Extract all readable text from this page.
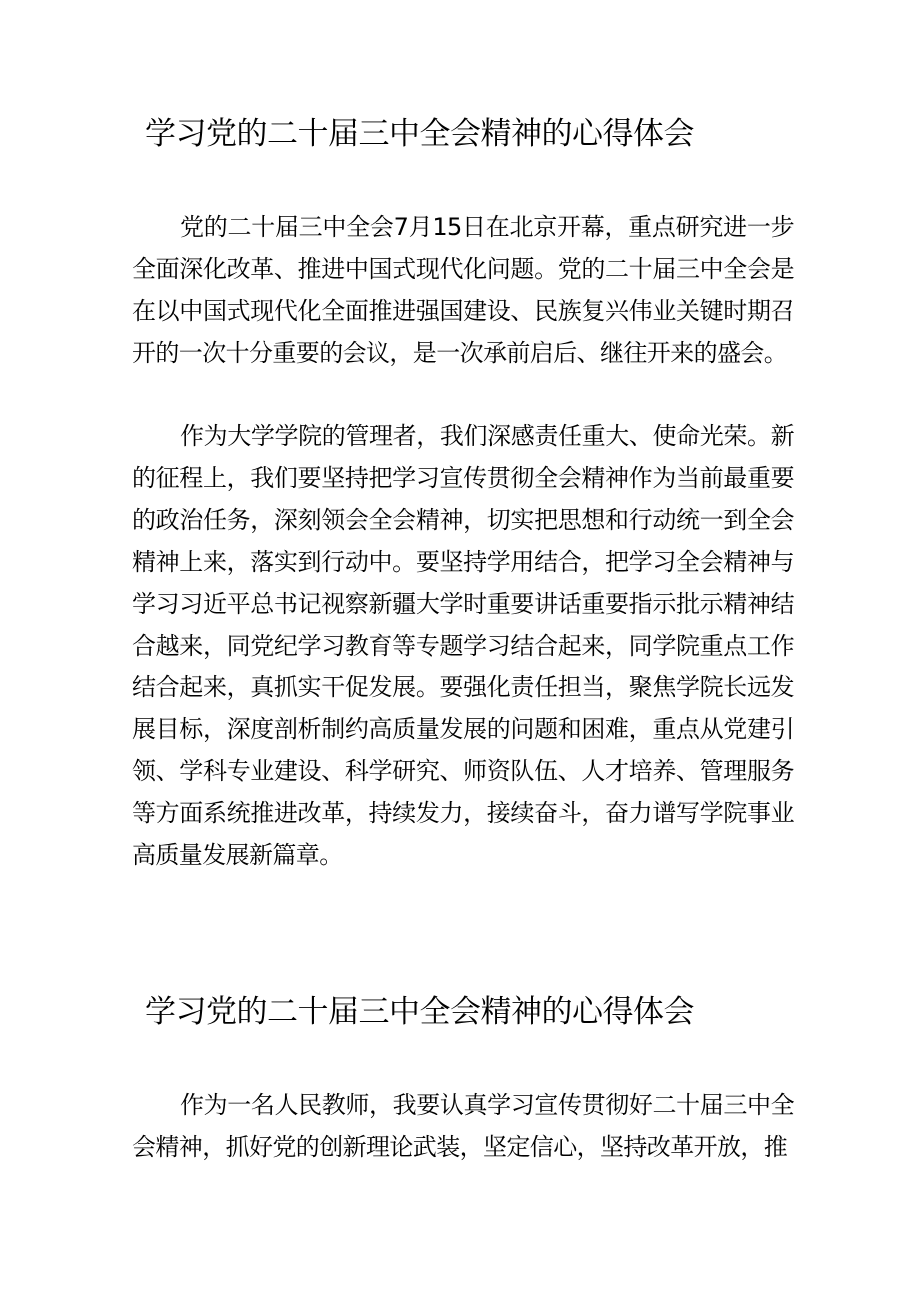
学习党的二十届三中全会精神的心得体会

党的二十届三中全会7月15日在北京开幕，重点研究进一步全面深化改革、推进中国式现代化问题。党的二十届三中全会是在以中国式现代化全面推进强国建设、民族复兴伟业关键时期召开的一次十分重要的会议，是一次承前启后、继往开来的盛会。

作为大学学院的管理者，我们深感责任重大、使命光荣。新的征程上，我们要坚持把学习宣传贯彻全会精神作为当前最重要的政治任务，深刻领会全会精神，切实把思想和行动统一到全会精神上来，落实到行动中。要坚持学用结合，把学习全会精神与学习习近平总书记视察新疆大学时重要讲话重要指示批示精神结合越来，同党纪学习教育等专题学习结合起来，同学院重点工作结合起来，真抓实干促发展。要强化责任担当，聚焦学院长远发展目标，深度剖析制约高质量发展的问题和困难，重点从党建引领、学科专业建设、科学研究、师资队伍、人才培养、管理服务等方面系统推进改革，持续发力，接续奋斗，奋力谱写学院事业高质量发展新篇章。

学习党的二十届三中全会精神的心得体会

作为一名人民教师，我要认真学习宣传贯彻好二十届三中全会精神，抓好党的创新理论武装，坚定信心，坚持改革开放，推
